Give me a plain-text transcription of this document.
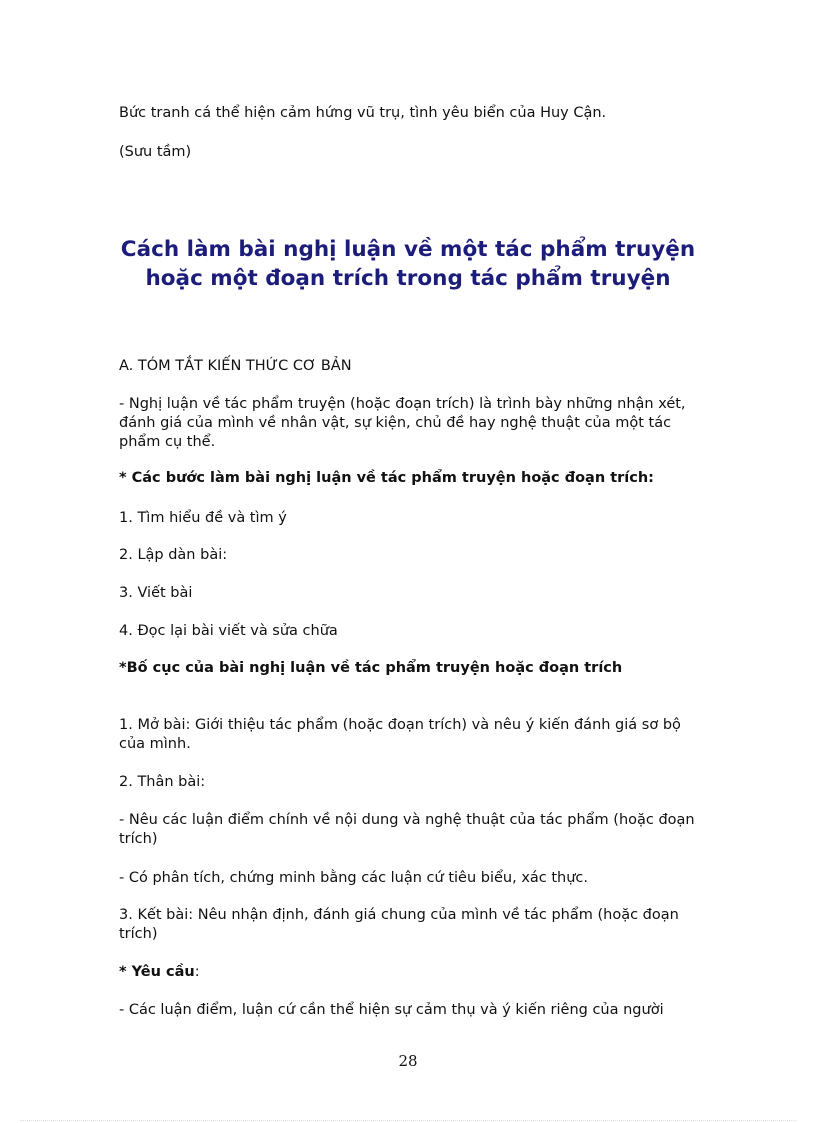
Bức tranh cá thể hiện cảm hứng vũ trụ, tình yêu biển của Huy Cận.

(Sưu tầm)

Cách làm bài nghị luận về một tác phẩm truyện
hoặc một đoạn trích trong tác phẩm truyện

A. TÓM TẮT KIẾN THỨC CƠ BẢN

- Nghị luận về tác phẩm truyện (hoặc đoạn trích) là trình bày những nhận xét, đánh giá của mình về nhân vật, sự kiện, chủ đề hay nghệ thuật của một tác phẩm cụ thể.

* Các bước làm bài nghị luận về tác phẩm truyện hoặc đoạn trích:

1. Tìm hiểu đề và tìm ý

2. Lập dàn bài:

3. Viết bài

4. Đọc lại bài viết và sửa chữa

*Bố cục của bài nghị luận về tác phẩm truyện hoặc đoạn trích

1. Mở bài: Giới thiệu tác phẩm (hoặc đoạn trích) và nêu ý kiến đánh giá sơ bộ của mình.

2. Thân bài:

- Nêu các luận điểm chính về nội dung và nghệ thuật của tác phẩm (hoặc đoạn trích)

- Có phân tích, chứng minh bằng các luận cứ tiêu biểu, xác thực.

3. Kết bài: Nêu nhận định, đánh giá chung của mình về tác phẩm (hoặc đoạn trích)

* Yêu cầu:

- Các luận điểm, luận cứ cần thể hiện sự cảm thụ và ý kiến riêng của người

28
